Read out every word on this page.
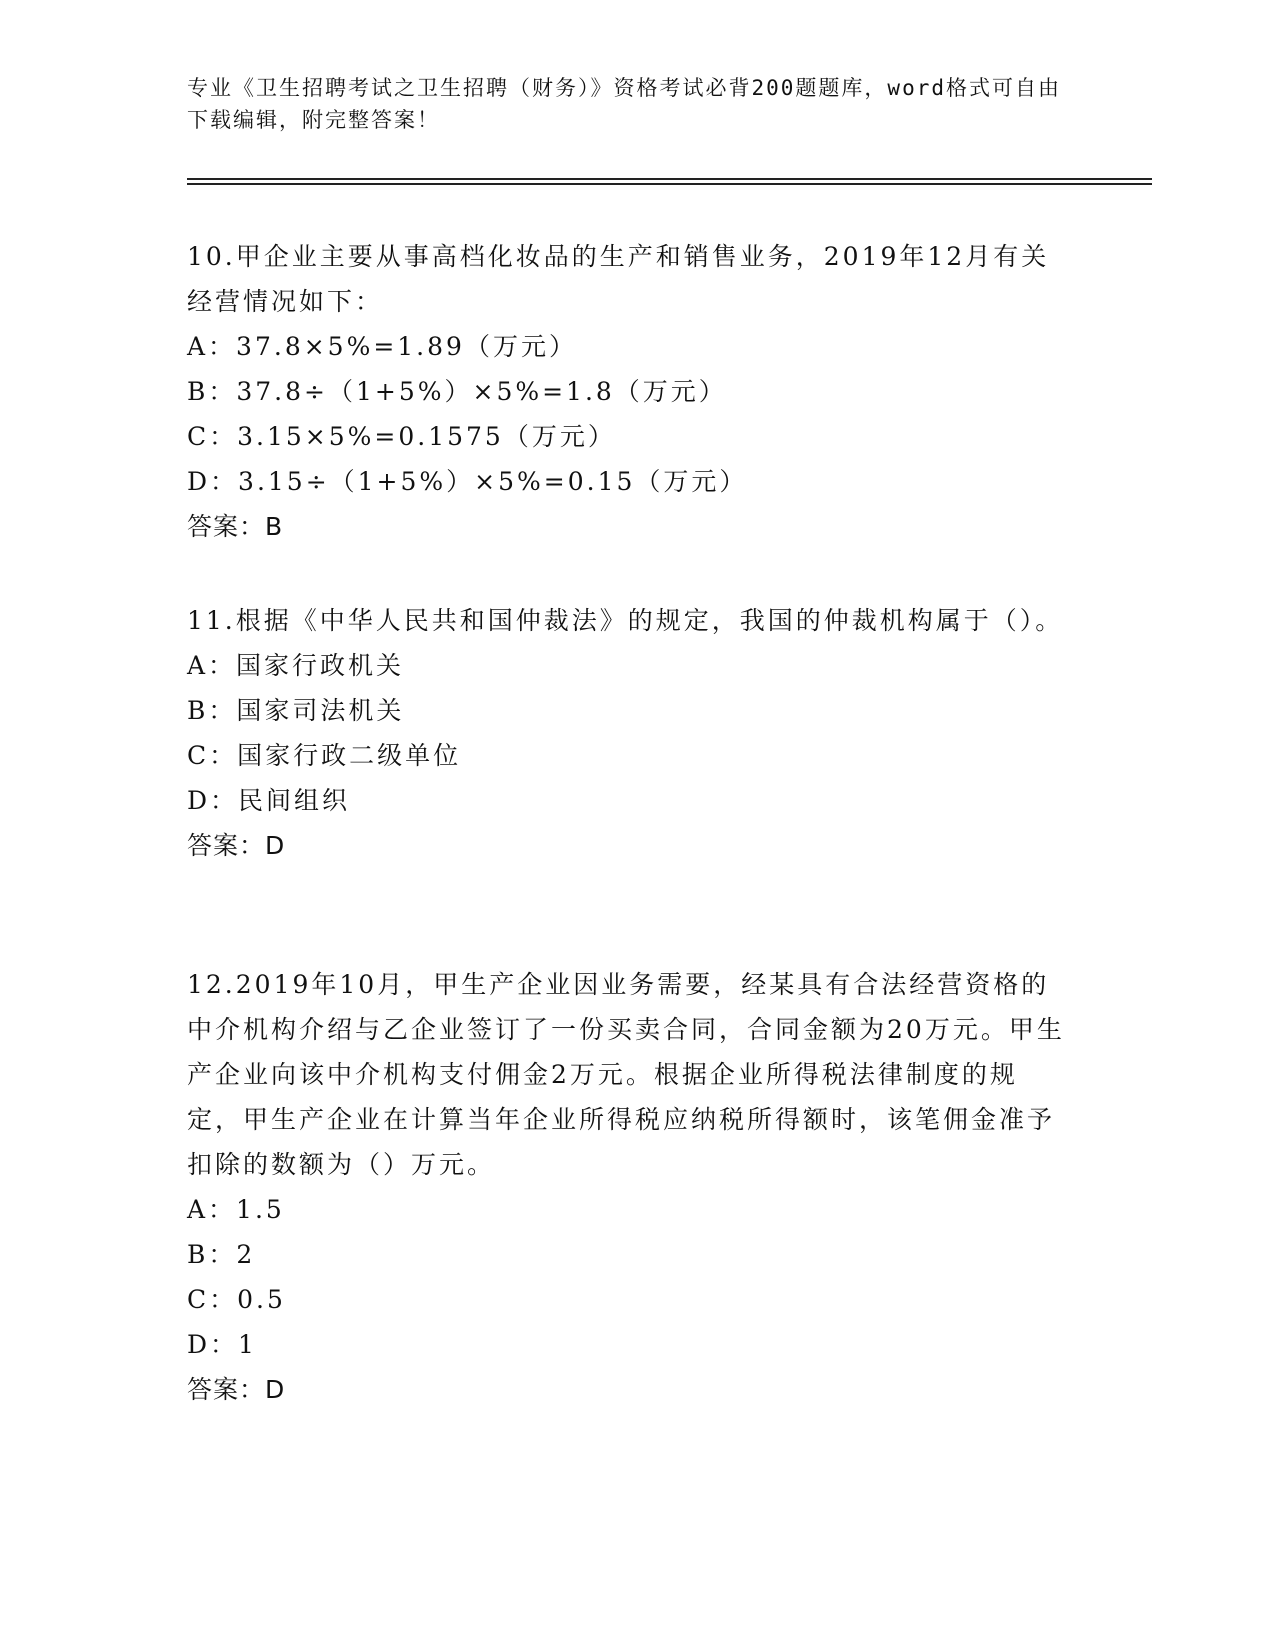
专业《卫生招聘考试之卫生招聘（财务）》资格考试必背200题题库，word格式可自由下载编辑，附完整答案！

10.甲企业主要从事高档化妆品的生产和销售业务，2019年12月有关经营情况如下：

A：37.8×5%=1.89（万元）

B：37.8÷（1+5%）×5%=1.8（万元）

C：3.15×5%=0.1575（万元）

D：3.15÷（1+5%）×5%=0.15（万元）

答案：B

11.根据《中华人民共和国仲裁法》的规定，我国的仲裁机构属于（）。

A：国家行政机关

B：国家司法机关

C：国家行政二级单位

D：民间组织

答案：D

12.2019年10月，甲生产企业因业务需要，经某具有合法经营资格的中介机构介绍与乙企业签订了一份买卖合同，合同金额为20万元。甲生产企业向该中介机构支付佣金2万元。根据企业所得税法律制度的规定，甲生产企业在计算当年企业所得税应纳税所得额时，该笔佣金准予扣除的数额为（）万元。

A：1.5

B：2

C：0.5

D：1

答案：D
